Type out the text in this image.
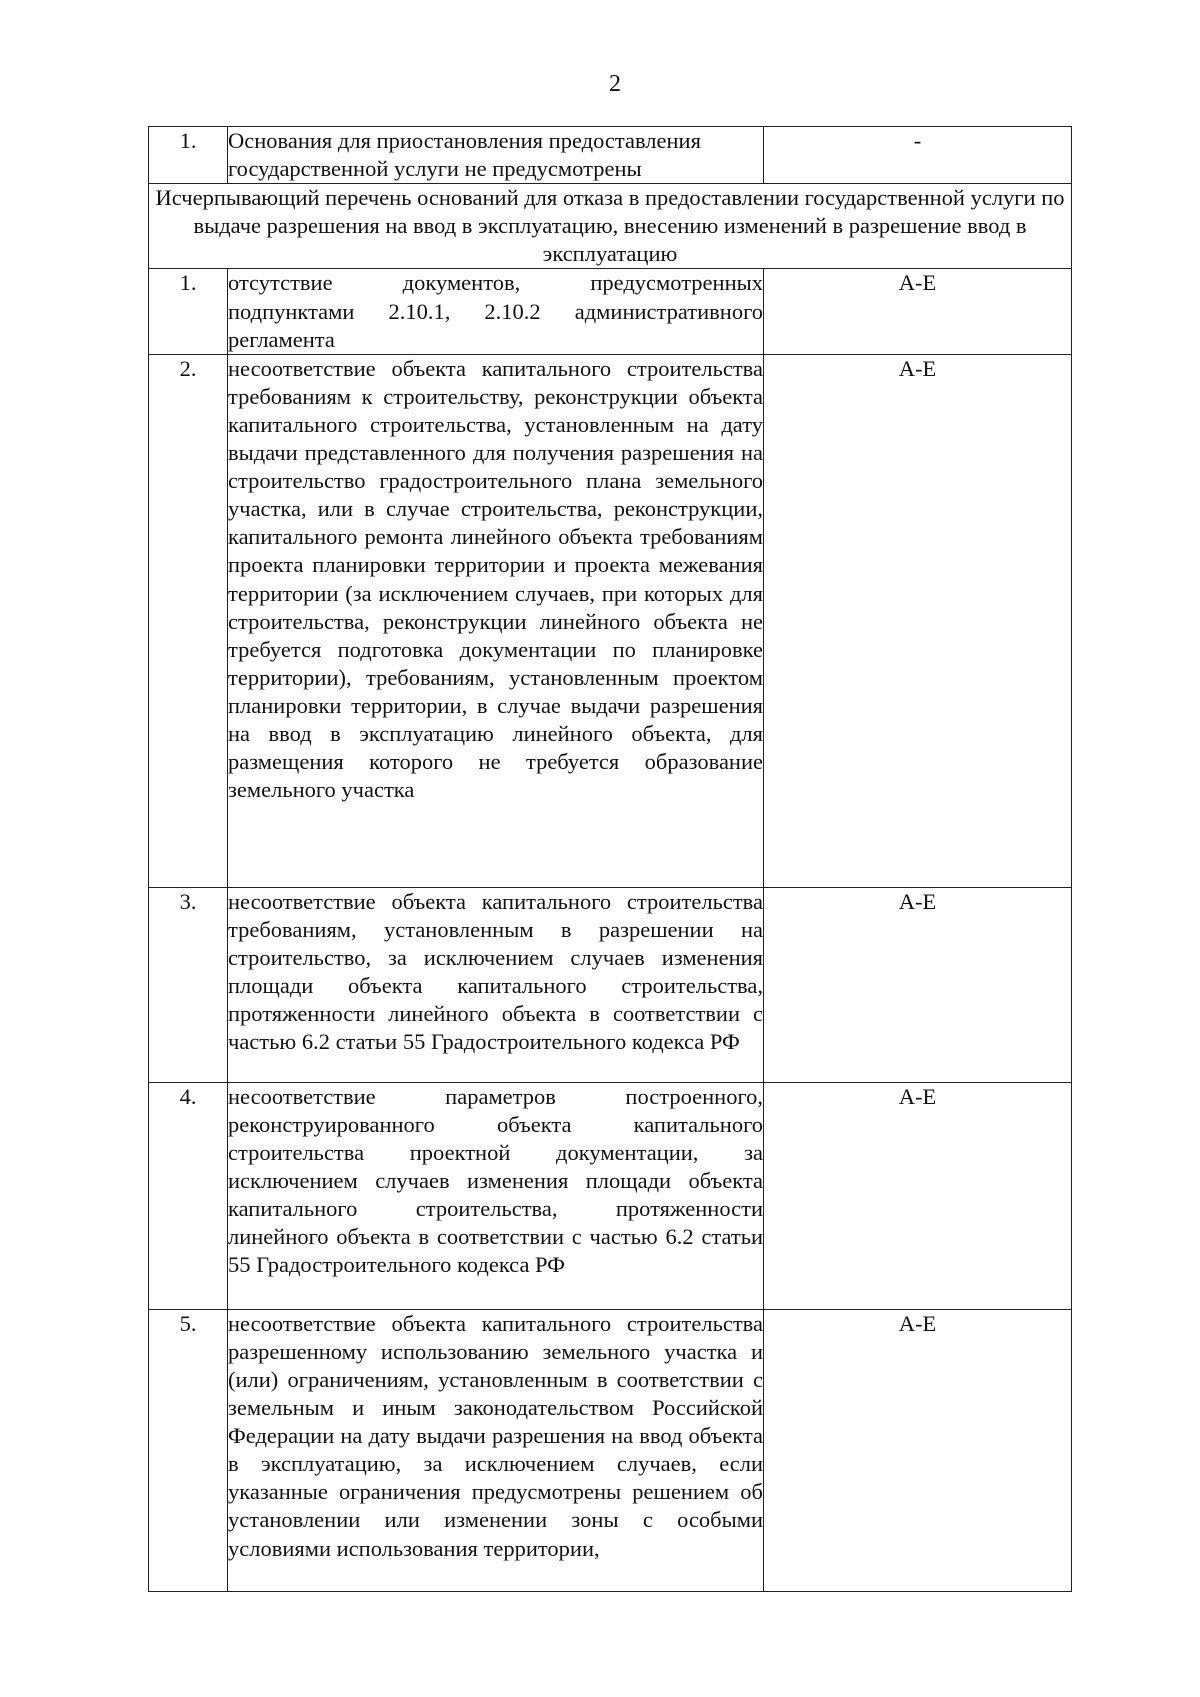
2
1.	Основания для приостановления предоставления государственной услуги не предусмотрены	-
Исчерпывающий перечень оснований для отказа в предоставлении государственной услуги по выдаче разрешения на ввод в эксплуатацию, внесению изменений в разрешение ввод в эксплуатацию		
1.	отсутствие документов, предусмотренных подпунктами 2.10.1, 2.10.2 административного регламента	А-Е
2.	несоответствие объекта капитального строительства требованиям к строительству, реконструкции объекта капитального строительства, установленным на дату выдачи представленного для получения разрешения на строительство градостроительного плана земельного участка, или в случае строительства, реконструкции, капитального ремонта линейного объекта требованиям проекта планировки территории и проекта межевания территории (за исключением случаев, при которых для строительства, реконструкции линейного объекта не требуется подготовка документации по планировке территории), требованиям, установленным проектом планировки территории, в случае выдачи разрешения на ввод в эксплуатацию линейного объекта, для размещения которого не требуется образование земельного участка	А-Е
3.	несоответствие объекта капитального строительства требованиям, установленным в разрешении на строительство, за исключением случаев изменения площади объекта капитального строительства, протяженности линейного объекта в соответствии с частью 6.2 статьи 55 Градостроительного кодекса РФ	А-Е
4.	несоответствие параметров построенного, реконструированного объекта капитального строительства проектной документации, за исключением случаев изменения площади объекта капитального строительства, протяженности линейного объекта в соответствии с частью 6.2 статьи 55 Градостроительного кодекса РФ	А-Е
5.	несоответствие объекта капитального строительства разрешенному использованию земельного участка и (или) ограничениям, установленным в соответствии с земельным и иным законодательством Российской Федерации на дату выдачи разрешения на ввод объекта в эксплуатацию, за исключением случаев, если указанные ограничения предусмотрены решением об установлении или изменении зоны с особыми условиями использования территории,	А-Е
